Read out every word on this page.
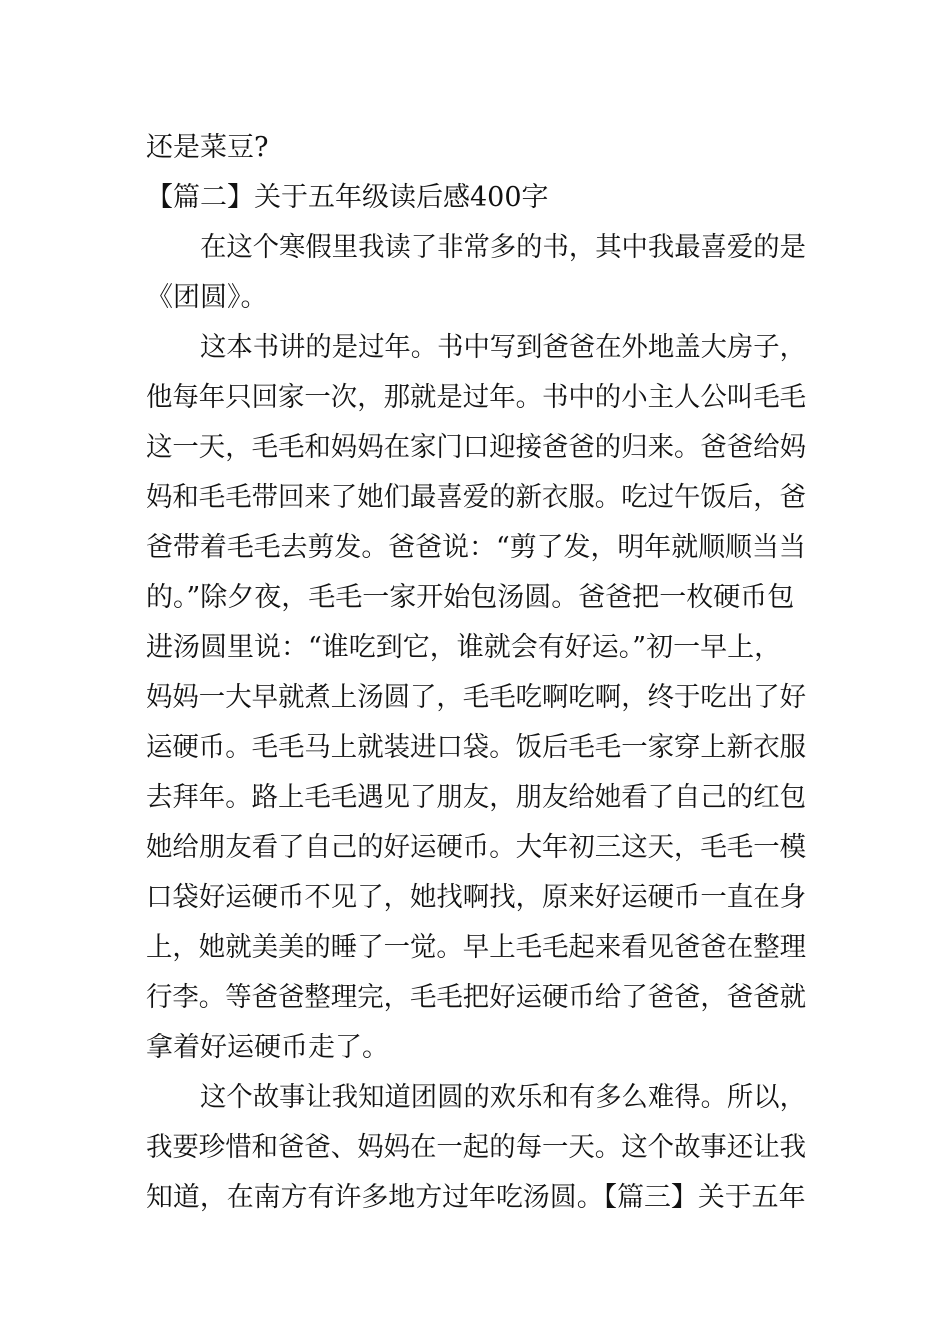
还是菜豆?
【篇二】关于五年级读后感400字
在这个寒假里我读了非常多的书，其中我最喜爱的是
《团圆》。
这本书讲的是过年。书中写到爸爸在外地盖大房子，
他每年只回家一次，那就是过年。书中的小主人公叫毛毛
这一天，毛毛和妈妈在家门口迎接爸爸的归来。爸爸给妈
妈和毛毛带回来了她们最喜爱的新衣服。吃过午饭后，爸
爸带着毛毛去剪发。爸爸说：“剪了发，明年就顺顺当当
的。”除夕夜，毛毛一家开始包汤圆。爸爸把一枚硬币包
进汤圆里说：“谁吃到它，谁就会有好运。”初一早上，
妈妈一大早就煮上汤圆了，毛毛吃啊吃啊，终于吃出了好
运硬币。毛毛马上就装进口袋。饭后毛毛一家穿上新衣服
去拜年。路上毛毛遇见了朋友，朋友给她看了自己的红包
她给朋友看了自己的好运硬币。大年初三这天，毛毛一模
口袋好运硬币不见了，她找啊找，原来好运硬币一直在身
上，她就美美的睡了一觉。早上毛毛起来看见爸爸在整理
行李。等爸爸整理完，毛毛把好运硬币给了爸爸，爸爸就
拿着好运硬币走了。
这个故事让我知道团圆的欢乐和有多么难得。所以，
我要珍惜和爸爸、妈妈在一起的每一天。这个故事还让我
知道，在南方有许多地方过年吃汤圆。【篇三】关于五年
